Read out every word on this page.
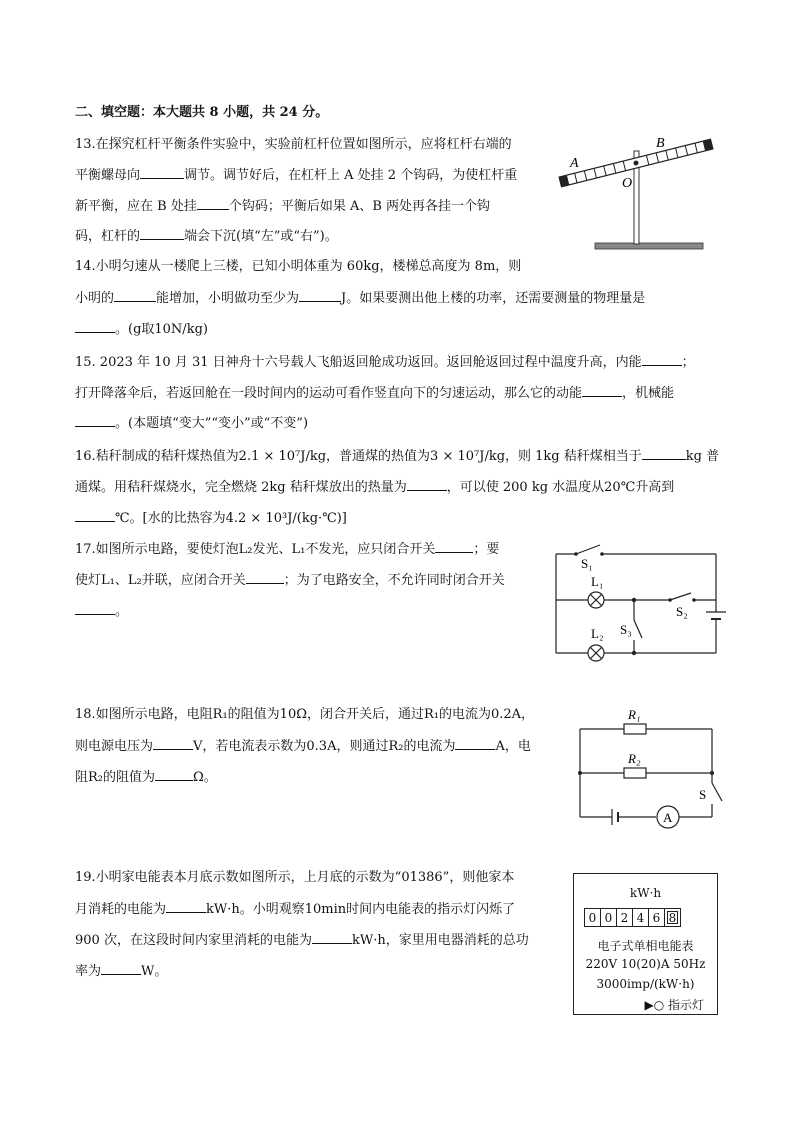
二、填空题：本大题共 8 小题，共 24 分。
13.在探究杠杆平衡条件实验中，实验前杠杆位置如图所示，应将杠杆右端的
平衡螺母向	调节。调节好后，在杠杆上 A 处挂 2 个钩码，为使杠杆重
新平衡，应在 B 处挂 个钩码；平衡后如果 A、B 两处再各挂一个钩
码，杠杆的	端会下沉(填“左”或“右”)。
A
B
O
14.小明匀速从一楼爬上三楼，已知小明体重为 60kg，楼梯总高度为 8m，则
小明的	能增加，小明做功至少为	J。如果要测出他上楼的功率，还需要测量的物理量是
。(g取10N/kg)
15. 2023 年 10 月 31 日神舟十六号载人飞船返回舱成功返回。返回舱返回过程中温度升高，内能	；
打开降落伞后，若返回舱在一段时间内的运动可看作竖直向下的匀速运动，那么它的动能	，机械能
。(本题填“变大”“变小”或“不变”)
16.秸秆制成的秸秆煤热值为2.1 × 10⁷J/kg，普通煤的热值为3 × 10⁷J/kg，则 1kg 秸秆煤相当于	kg 普
通煤。用秸秆煤烧水，完全燃烧 2kg 秸秆煤放出的热量为	，可以使 200 kg 水温度从20℃升高到
℃。[水的比热容为4.2 × 10³J/(kg·℃)]
17.如图所示电路，要使灯泡L₂发光、L₁不发光，应只闭合开关	；要
使灯L₁、L₂并联，应闭合开关	；为了电路安全，不允许同时闭合开关
。
S₁
L₁
S₂
S₃
L₂
18.如图所示电路，电阻R₁的阻值为10Ω，闭合开关后，通过R₁的电流为0.2A，
则电源电压为	V，若电流表示数为0.3A，则通过R₂的电流为	A，电
阻R₂的阻值为	Ω。
R₁
R₂
S
A
19.小明家电能表本月底示数如图所示，上月底的示数为“01386”，则他家本
月消耗的电能为	kW·h。小明观察10min时间内电能表的指示灯闪烁了
900 次，在这段时间内家里消耗的电能为	kW·h，家里用电器消耗的总功
率为	W。
kW·h
0 0 2 4 6 8
电子式单相电能表
220V 10(20)A 50Hz
3000imp/(kW·h)
▶○ 指示灯
